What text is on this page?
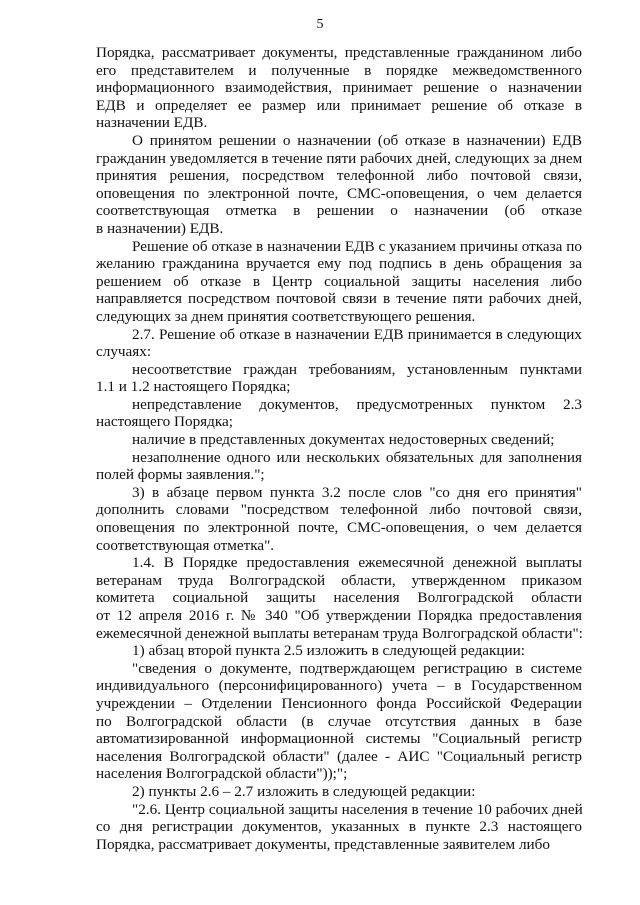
5
Порядка, рассматривает документы, представленные гражданином либо
его представителем и полученные в порядке межведомственного
информационного взаимодействия, принимает решение о назначении
ЕДВ и определяет ее размер или принимает решение об отказе в
назначении ЕДВ.
О принятом решении о назначении (об отказе в назначении) ЕДВ
гражданин уведомляется в течение пяти рабочих дней, следующих за днем
принятия решения, посредством телефонной либо почтовой связи,
оповещения по электронной почте, СМС-оповещения, о чем делается
соответствующая отметка в решении о назначении (об отказе
в назначении) ЕДВ.
Решение об отказе в назначении ЕДВ с указанием причины отказа по
желанию гражданина вручается ему под подпись в день обращения за
решением об отказе в Центр социальной защиты населения либо
направляется посредством почтовой связи в течение пяти рабочих дней,
следующих за днем принятия соответствующего решения.
2.7. Решение об отказе в назначении ЕДВ принимается в следующих
случаях:
несоответствие граждан требованиям, установленным пунктами
1.1 и 1.2 настоящего Порядка;
непредставление документов, предусмотренных пунктом 2.3
настоящего Порядка;
наличие в представленных документах недостоверных сведений;
незаполнение одного или нескольких обязательных для заполнения
полей формы заявления.";
3) в абзаце первом пункта 3.2 после слов "со дня его принятия"
дополнить словами "посредством телефонной либо почтовой связи,
оповещения по электронной почте, СМС-оповещения, о чем делается
соответствующая отметка".
1.4. В Порядке предоставления ежемесячной денежной выплаты
ветеранам труда Волгоградской области, утвержденном приказом
комитета социальной защиты населения Волгоградской области
от 12 апреля 2016 г. № 340 "Об утверждении Порядка предоставления
ежемесячной денежной выплаты ветеранам труда Волгоградской области":
1) абзац второй пункта 2.5 изложить в следующей редакции:
"сведения о документе, подтверждающем регистрацию в системе
индивидуального (персонифицированного) учета – в Государственном
учреждении – Отделении Пенсионного фонда Российской Федерации
по Волгоградской области (в случае отсутствия данных в базе
автоматизированной информационной системы "Социальный регистр
населения Волгоградской области" (далее - АИС "Социальный регистр
населения Волгоградской области"));";
2) пункты 2.6 – 2.7 изложить в следующей редакции:
"2.6. Центр социальной защиты населения в течение 10 рабочих дней
со дня регистрации документов, указанных в пункте 2.3 настоящего
Порядка, рассматривает документы, представленные заявителем либо
